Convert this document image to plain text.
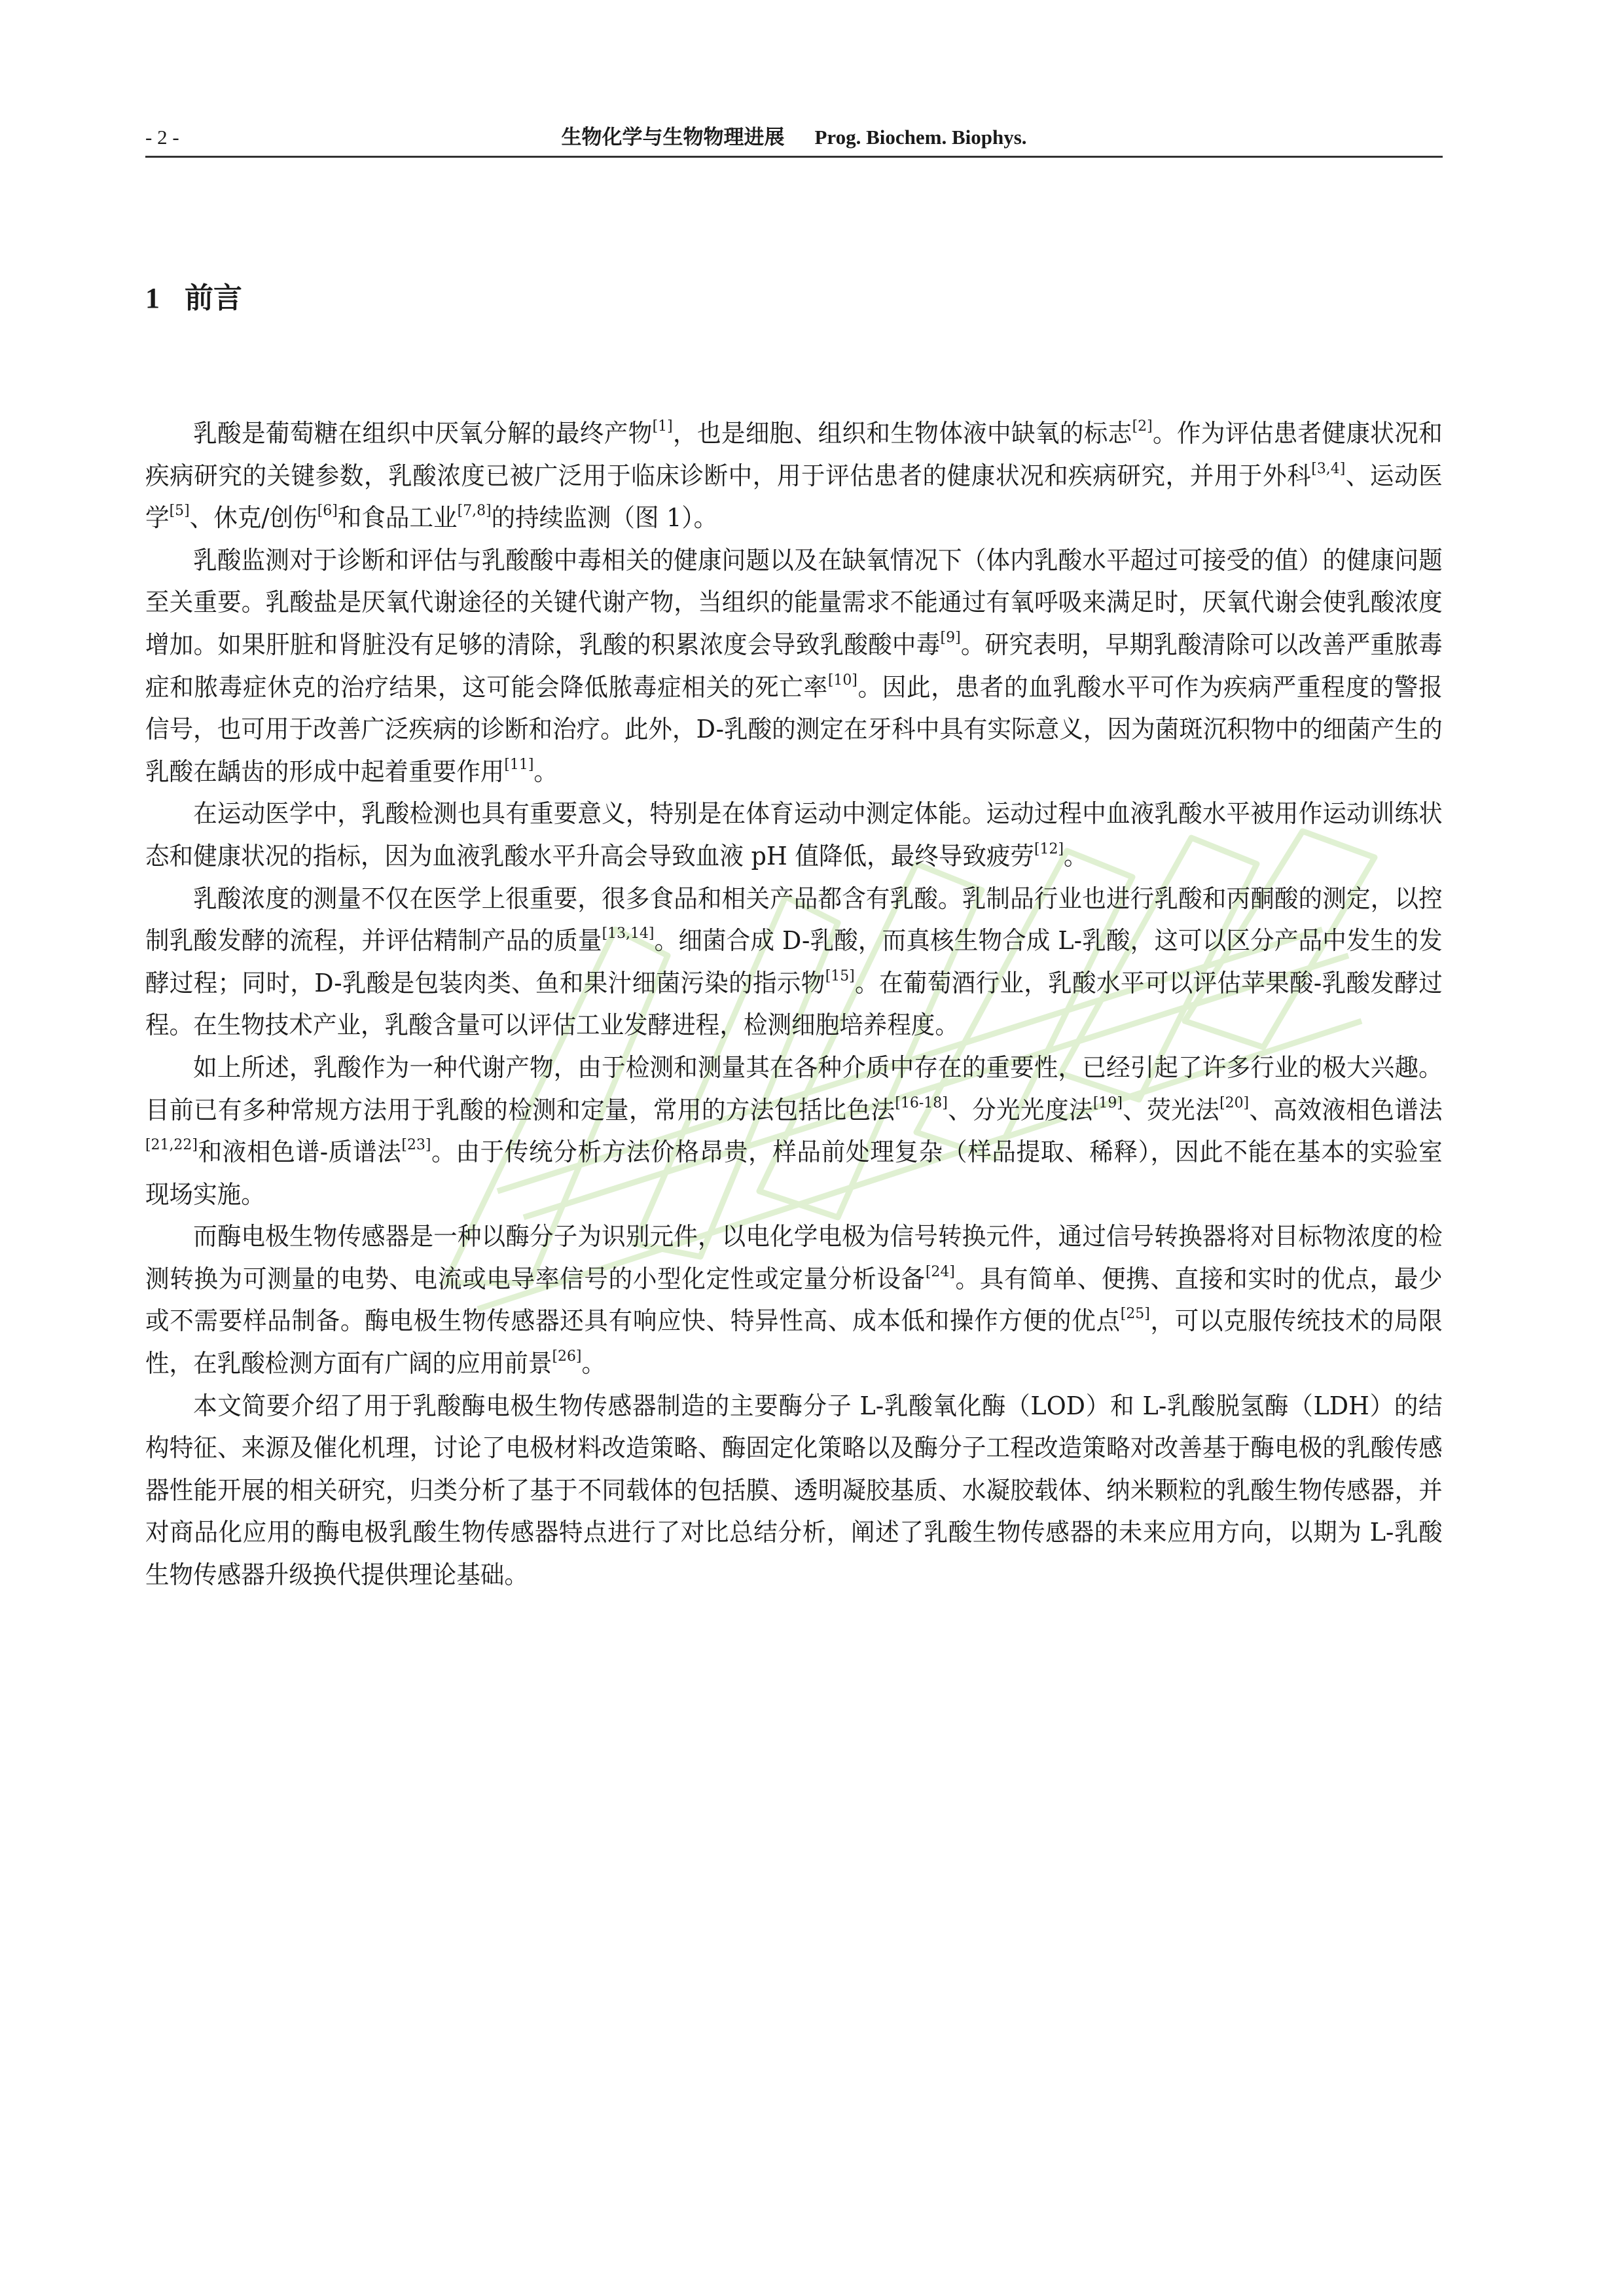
- 2 -	生物化学与生物物理进展 Prog. Biochem. Biophys.
1 前言

乳酸是葡萄糖在组织中厌氧分解的最终产物[1]，也是细胞、组织和生物体液中缺氧的标志[2]。作为评估患者健康状况和疾病研究的关键参数，乳酸浓度已被广泛用于临床诊断中，用于评估患者的健康状况和疾病研究，并用于外科[3,4]、运动医学[5]、休克/创伤[6]和食品工业[7,8]的持续监测（图 1）。

乳酸监测对于诊断和评估与乳酸酸中毒相关的健康问题以及在缺氧情况下（体内乳酸水平超过可接受的值）的健康问题至关重要。乳酸盐是厌氧代谢途径的关键代谢产物，当组织的能量需求不能通过有氧呼吸来满足时，厌氧代谢会使乳酸浓度增加。如果肝脏和肾脏没有足够的清除，乳酸的积累浓度会导致乳酸酸中毒[9]。研究表明，早期乳酸清除可以改善严重脓毒症和脓毒症休克的治疗结果，这可能会降低脓毒症相关的死亡率[10]。因此，患者的血乳酸水平可作为疾病严重程度的警报信号，也可用于改善广泛疾病的诊断和治疗。此外，D-乳酸的测定在牙科中具有实际意义，因为菌斑沉积物中的细菌产生的乳酸在龋齿的形成中起着重要作用[11]。

在运动医学中，乳酸检测也具有重要意义，特别是在体育运动中测定体能。运动过程中血液乳酸水平被用作运动训练状态和健康状况的指标，因为血液乳酸水平升高会导致血液 pH 值降低，最终导致疲劳[12]。

乳酸浓度的测量不仅在医学上很重要，很多食品和相关产品都含有乳酸。乳制品行业也进行乳酸和丙酮酸的测定，以控制乳酸发酵的流程，并评估精制产品的质量[13,14]。细菌合成 D-乳酸，而真核生物合成 L-乳酸，这可以区分产品中发生的发酵过程；同时，D-乳酸是包装肉类、鱼和果汁细菌污染的指示物[15]。在葡萄酒行业，乳酸水平可以评估苹果酸-乳酸发酵过程。在生物技术产业，乳酸含量可以评估工业发酵进程，检测细胞培养程度。

如上所述，乳酸作为一种代谢产物，由于检测和测量其在各种介质中存在的重要性，已经引起了许多行业的极大兴趣。目前已有多种常规方法用于乳酸的检测和定量，常用的方法包括比色法[16-18]、分光光度法[19]、荧光法[20]、高效液相色谱法[21,22]和液相色谱-质谱法[23]。由于传统分析方法价格昂贵，样品前处理复杂（样品提取、稀释），因此不能在基本的实验室现场实施。

而酶电极生物传感器是一种以酶分子为识别元件，以电化学电极为信号转换元件，通过信号转换器将对目标物浓度的检测转换为可测量的电势、电流或电导率信号的小型化定性或定量分析设备[24]。具有简单、便携、直接和实时的优点，最少或不需要样品制备。酶电极生物传感器还具有响应快、特异性高、成本低和操作方便的优点[25]，可以克服传统技术的局限性，在乳酸检测方面有广阔的应用前景[26]。

本文简要介绍了用于乳酸酶电极生物传感器制造的主要酶分子 L-乳酸氧化酶（LOD）和 L-乳酸脱氢酶（LDH）的结构特征、来源及催化机理，讨论了电极材料改造策略、酶固定化策略以及酶分子工程改造策略对改善基于酶电极的乳酸传感器性能开展的相关研究，归类分析了基于不同载体的包括膜、透明凝胶基质、水凝胶载体、纳米颗粒的乳酸生物传感器，并对商品化应用的酶电极乳酸生物传感器特点进行了对比总结分析，阐述了乳酸生物传感器的未来应用方向，以期为 L-乳酸生物传感器升级换代提供理论基础。
